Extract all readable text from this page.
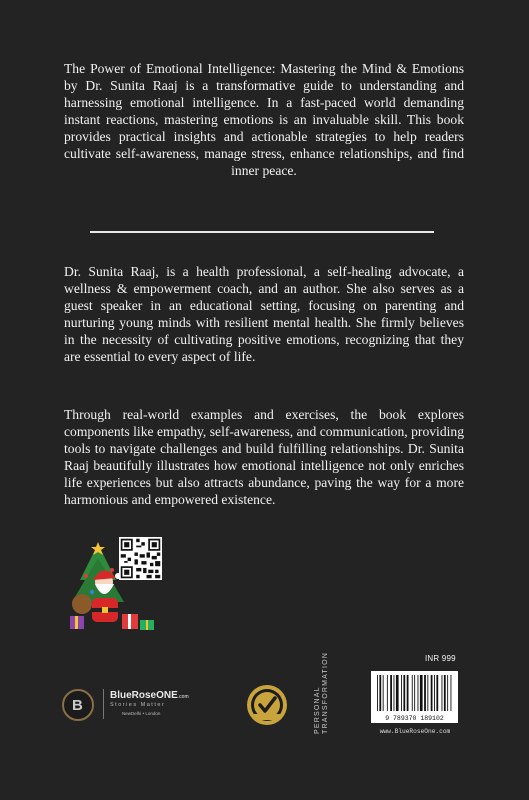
The Power of Emotional Intelligence: Mastering the Mind & Emotions by Dr. Sunita Raaj is a transformative guide to understanding and harnessing emotional intelligence. In a fast-paced world demanding instant reactions, mastering emotions is an invaluable skill. This book provides practical insights and actionable strategies to help readers cultivate self-awareness, manage stress, enhance relationships, and find inner peace.

Dr. Sunita Raaj, is a health professional, a self-healing advocate, a wellness & empowerment coach, and an author. She also serves as a guest speaker in an educational setting, focusing on parenting and nurturing young minds with resilient mental health. She firmly believes in the necessity of cultivating positive emotions, recognizing that they are essential to every aspect of life.

Through real-world examples and exercises, the book explores components like empathy, self-awareness, and communication, providing tools to navigate challenges and build fulfilling relationships. Dr. Sunita Raaj beautifully illustrates how emotional intelligence not only enriches life experiences but also attracts abundance, paving the way for a more harmonious and empowered existence.

B
BlueRoseONE.com
Stories Matter
NewDelhi • London	PERSONAL TRANSFORMATION	INR 999
9 789370 189102
www.BlueRoseOne.com
